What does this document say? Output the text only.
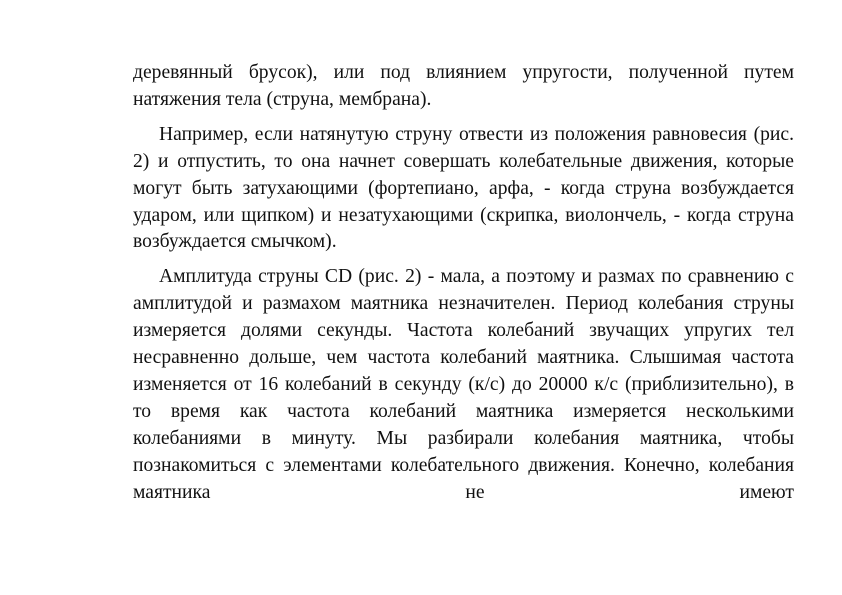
деревянный брусок), или под влиянием упругости, полученной путем натяжения тела (струна, мембрана).

Например, если натянутую струну отвести из положения равновесия (рис. 2) и отпустить, то она начнет совершать колебательные движения, которые могут быть затухающими (фортепиано, арфа, - когда струна возбуждается ударом, или щипком) и незатухающими (скрипка, виолончель, - когда струна возбуждается смычком).

Амплитуда струны CD (рис. 2) - мала, а поэтому и размах по сравнению с амплитудой и размахом маятника незначителен. Период колебания струны измеряется долями секунды. Частота колебаний звучащих упругих тел несравненно дольше, чем частота колебаний маятника. Слышимая частота изменяется от 16 колебаний в секунду (к/с) до 20000 к/с (приблизительно), в то время как частота колебаний маятника измеряется несколькими колебаниями в минуту. Мы разбирали колебания маятника, чтобы познакомиться с элементами колебательного движения. Конечно, колебания маятника не имеют
